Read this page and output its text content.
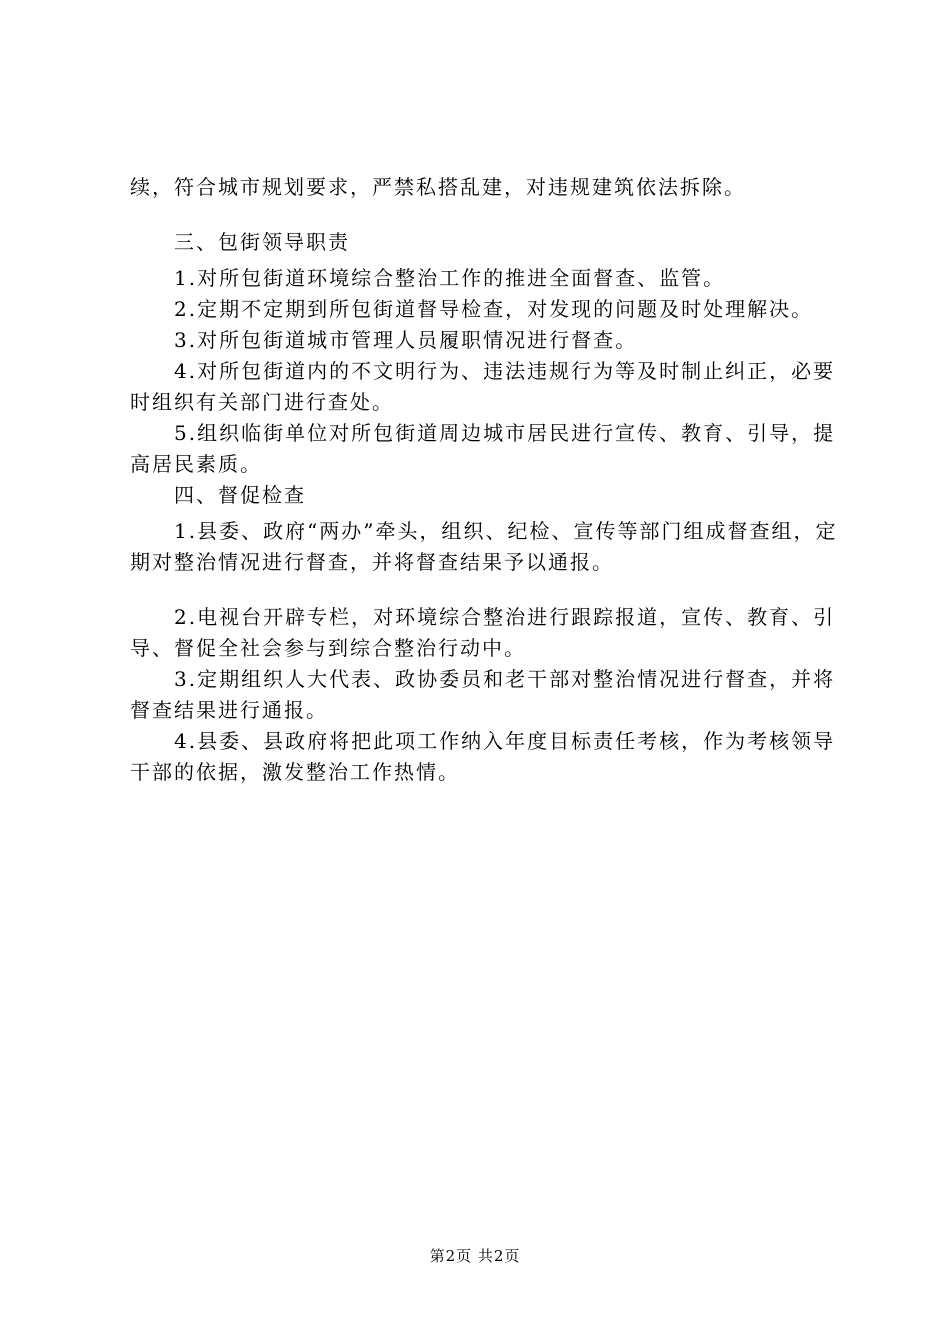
续，符合城市规划要求，严禁私搭乱建，对违规建筑依法拆除。

三、包街领导职责

1.对所包街道环境综合整治工作的推进全面督查、监管。

2.定期不定期到所包街道督导检查，对发现的问题及时处理解决。

3.对所包街道城市管理人员履职情况进行督查。

4.对所包街道内的不文明行为、违法违规行为等及时制止纠正，必要时组织有关部门进行查处。

5.组织临街单位对所包街道周边城市居民进行宣传、教育、引导，提高居民素质。

四、督促检查

1.县委、政府“两办”牵头，组织、纪检、宣传等部门组成督查组，定期对整治情况进行督查，并将督查结果予以通报。

2.电视台开辟专栏，对环境综合整治进行跟踪报道，宣传、教育、引导、督促全社会参与到综合整治行动中。

3.定期组织人大代表、政协委员和老干部对整治情况进行督查，并将督查结果进行通报。

4.县委、县政府将把此项工作纳入年度目标责任考核，作为考核领导干部的依据，激发整治工作热情。

第2页 共2页
